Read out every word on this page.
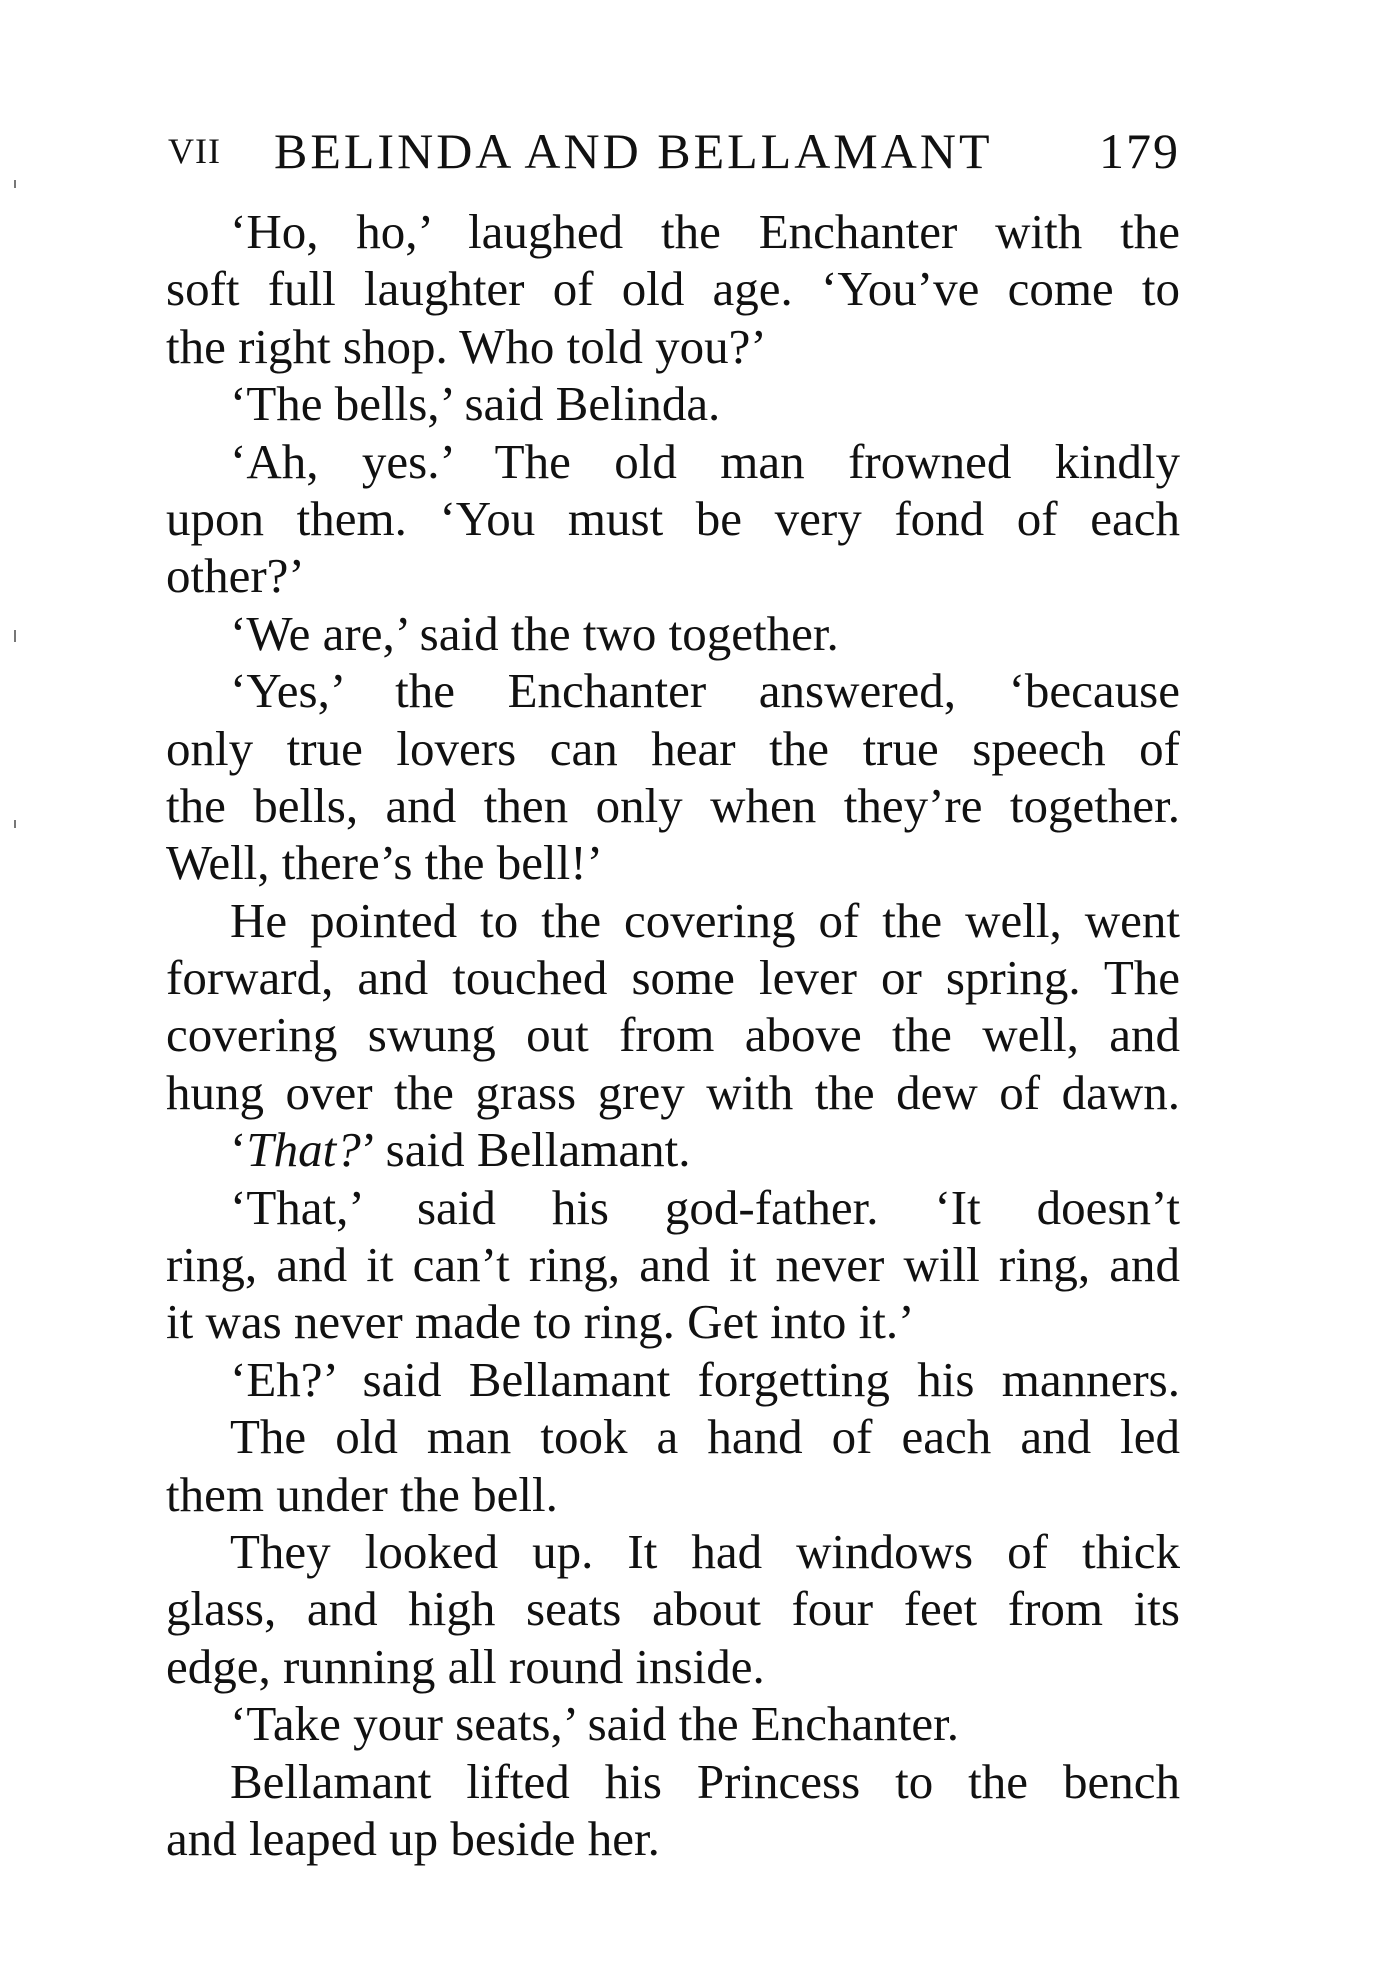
VII BELINDA AND BELLAMANT 179
‘Ho, ho,’ laughed the Enchanter with the
soft full laughter of old age. ‘You’ve come to
the right shop. Who told you?’
‘The bells,’ said Belinda.
‘Ah, yes.’ The old man frowned kindly
upon them. ‘You must be very fond of each
other?’
‘We are,’ said the two together.
‘Yes,’ the Enchanter answered, ‘because
only true lovers can hear the true speech of
the bells, and then only when they’re together.
Well, there’s the bell!’
He pointed to the covering of the well, went
forward, and touched some lever or spring. The
covering swung out from above the well, and
hung over the grass grey with the dew of dawn.
‘That?’ said Bellamant.
‘That,’ said his god-father. ‘It doesn’t
ring, and it can’t ring, and it never will ring, and
it was never made to ring. Get into it.’
‘Eh?’ said Bellamant forgetting his manners.
The old man took a hand of each and led
them under the bell.
They looked up. It had windows of thick
glass, and high seats about four feet from its
edge, running all round inside.
‘Take your seats,’ said the Enchanter.
Bellamant lifted his Princess to the bench
and leaped up beside her.
